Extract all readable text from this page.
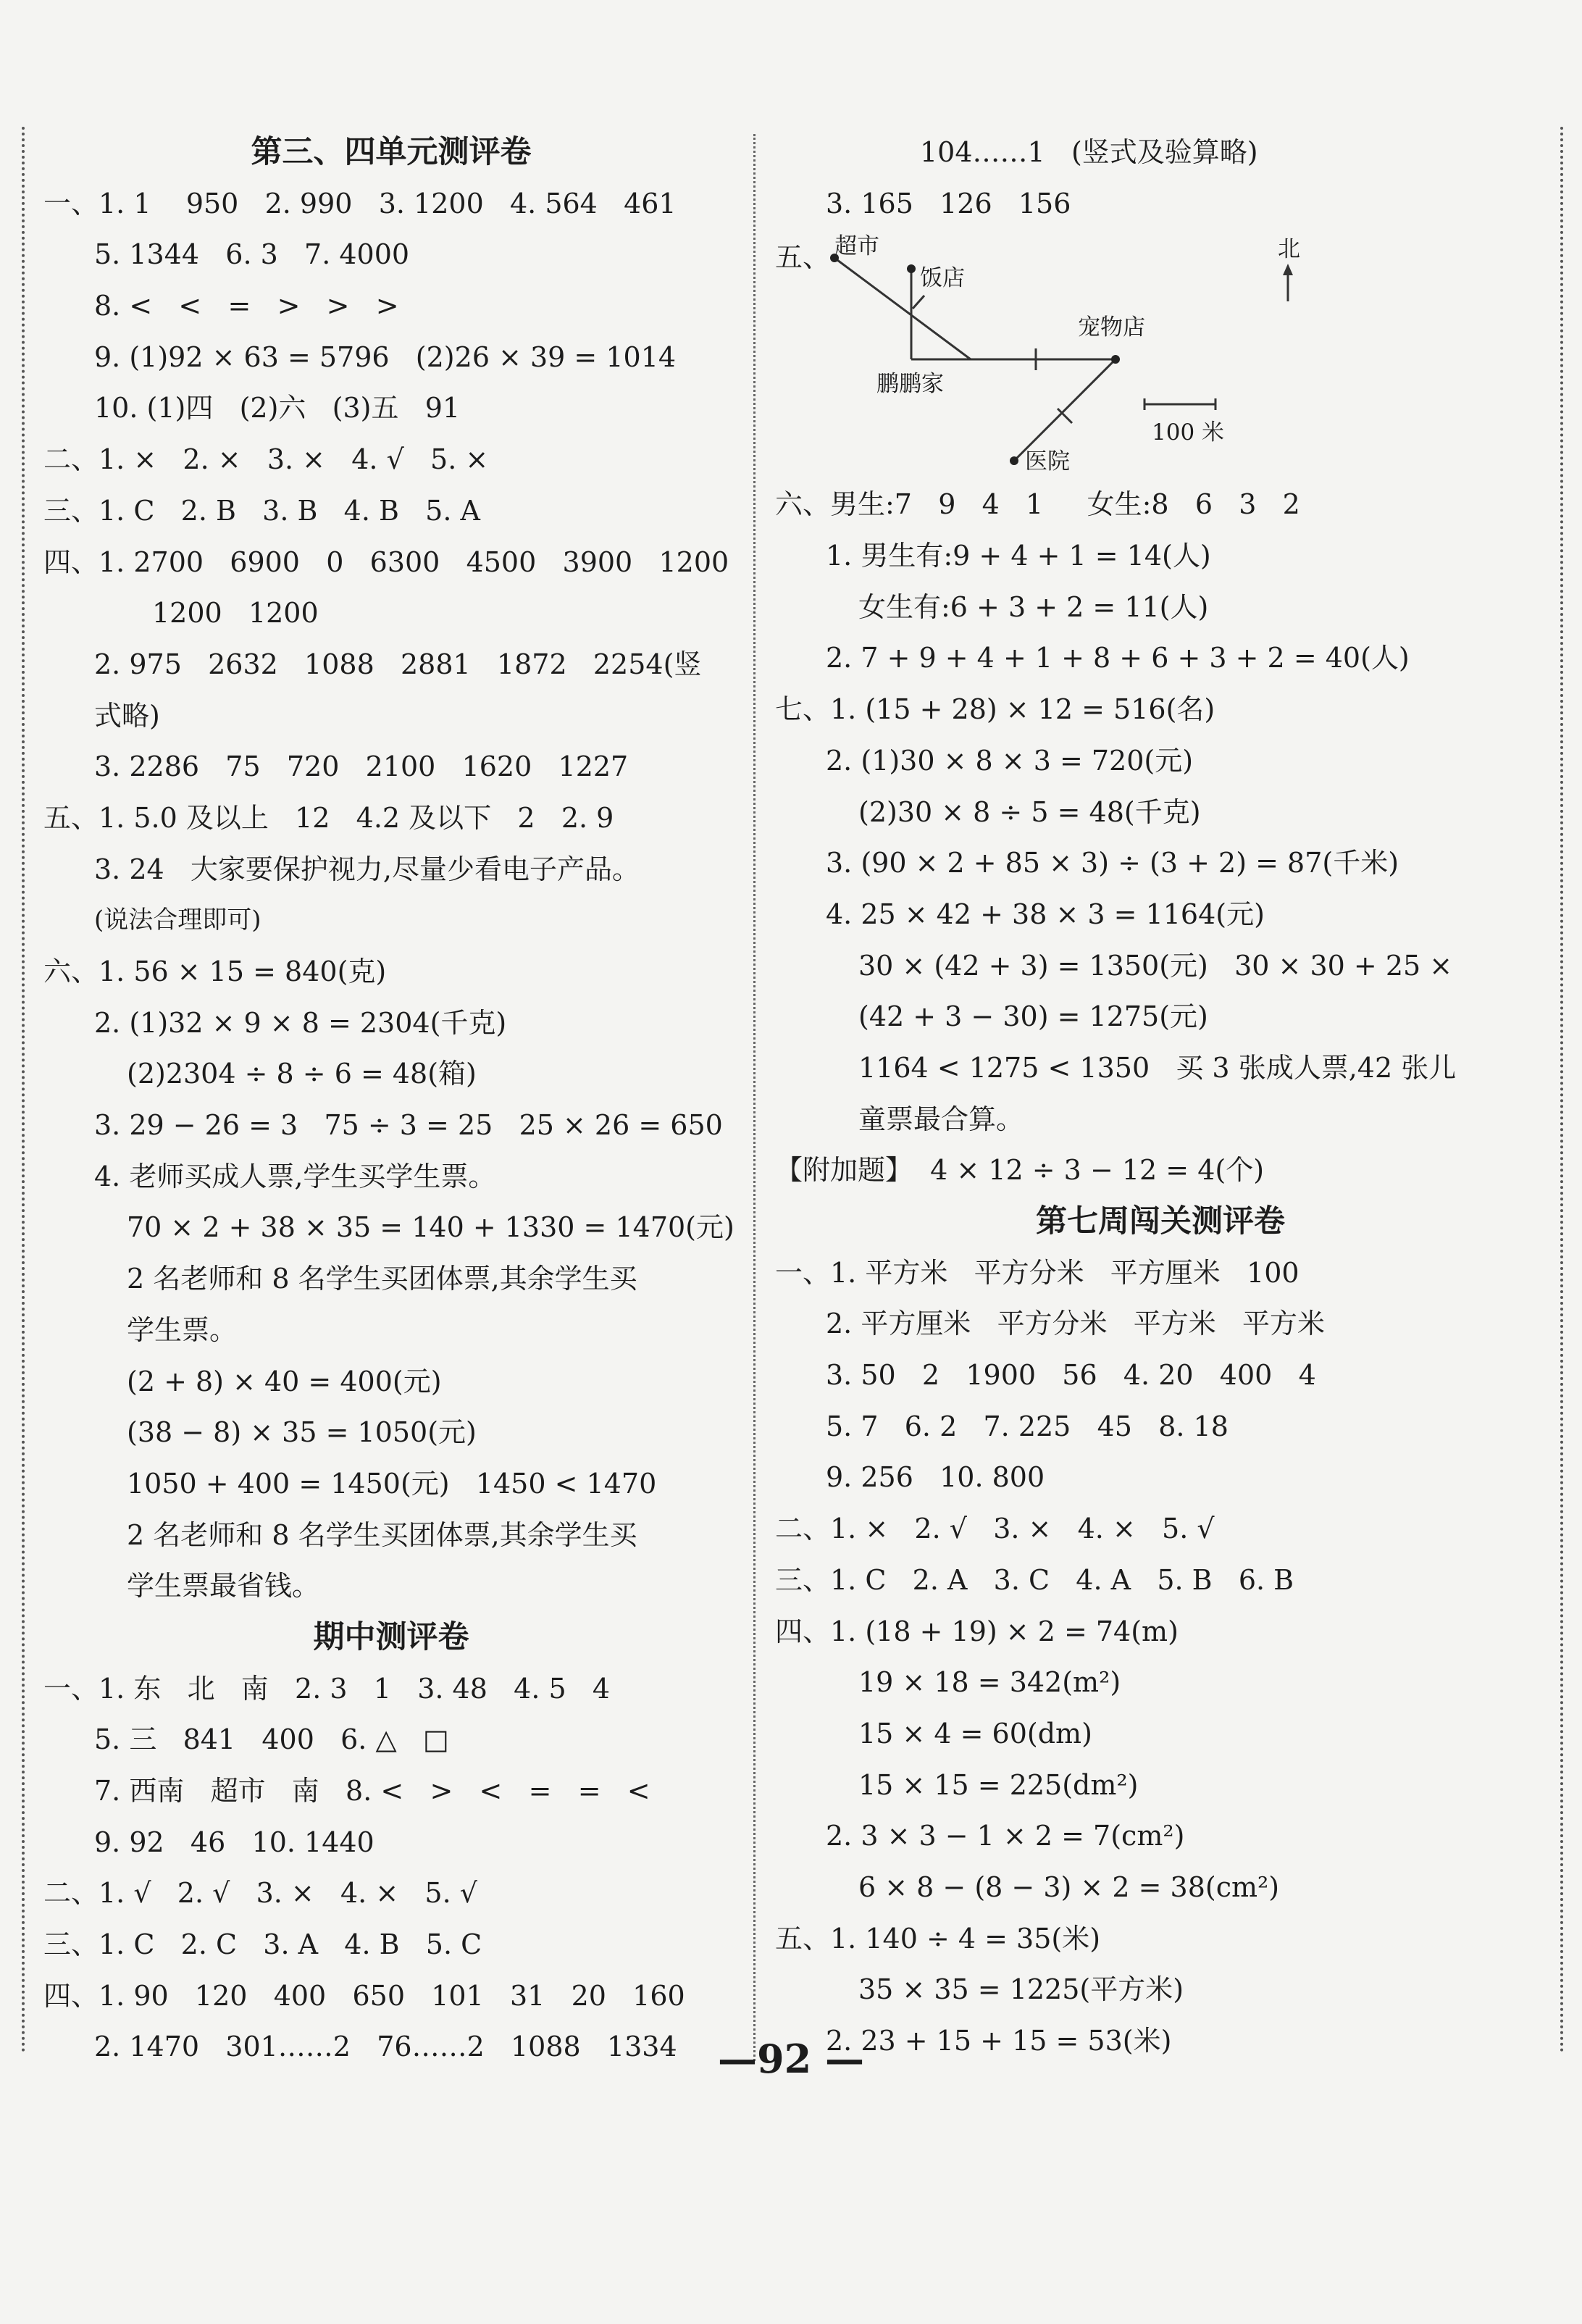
第三、四单元测评卷
一、1. 1    950   2. 990   3. 1200   4. 564   461
5. 1344   6. 3   7. 4000
8. <   <   =   >   >   >
9. (1)92 × 63 = 5796   (2)26 × 39 = 1014
10. (1)四   (2)六   (3)五   91
二、1. ×   2. ×   3. ×   4. √   5. ×
三、1. C   2. B   3. B   4. B   5. A
四、1. 2700   6900   0   6300   4500   3900   1200
1200   1200
2. 975   2632   1088   2881   1872   2254(竖
式略)
3. 2286   75   720   2100   1620   1227
五、1. 5.0 及以上   12   4.2 及以下   2   2. 9
3. 24   大家要保护视力,尽量少看电子产品。
(说法合理即可)
六、1. 56 × 15 = 840(克)
2. (1)32 × 9 × 8 = 2304(千克)
(2)2304 ÷ 8 ÷ 6 = 48(箱)
3. 29 − 26 = 3   75 ÷ 3 = 25   25 × 26 = 650
4. 老师买成人票,学生买学生票。
70 × 2 + 38 × 35 = 140 + 1330 = 1470(元)
2 名老师和 8 名学生买团体票,其余学生买
学生票。
(2 + 8) × 40 = 400(元)
(38 − 8) × 35 = 1050(元)
1050 + 400 = 1450(元)   1450 < 1470
2 名老师和 8 名学生买团体票,其余学生买
学生票最省钱。
期中测评卷
一、1. 东   北   南   2. 3   1   3. 48   4. 5   4
5. 三   841   400   6. △   □
7. 西南   超市   南   8. <   >   <   =   =   <
9. 92   46   10. 1440
二、1. √   2. √   3. ×   4. ×   5. √
三、1. C   2. C   3. A   4. B   5. C
四、1. 90   120   400   650   101   31   20   160
2. 1470   301……2   76……2   1088   1334
104……1   (竖式及验算略)
3. 165   126   156
五、 超市
饭店
宠物店
鹏鹏家
医院
北
100 米
六、男生:7   9   4   1     女生:8   6   3   2
1. 男生有:9 + 4 + 1 = 14(人)
女生有:6 + 3 + 2 = 11(人)
2. 7 + 9 + 4 + 1 + 8 + 6 + 3 + 2 = 40(人)
七、1. (15 + 28) × 12 = 516(名)
2. (1)30 × 8 × 3 = 720(元)
(2)30 × 8 ÷ 5 = 48(千克)
3. (90 × 2 + 85 × 3) ÷ (3 + 2) = 87(千米)
4. 25 × 42 + 38 × 3 = 1164(元)
30 × (42 + 3) = 1350(元)   30 × 30 + 25 ×
(42 + 3 − 30) = 1275(元)
1164 < 1275 < 1350   买 3 张成人票,42 张儿
童票最合算。
【附加题】  4 × 12 ÷ 3 − 12 = 4(个)
第七周闯关测评卷
一、1. 平方米   平方分米   平方厘米   100
2. 平方厘米   平方分米   平方米   平方米
3. 50   2   1900   56   4. 20   400   4
5. 7   6. 2   7. 225   45   8. 18
9. 256   10. 800
二、1. ×   2. √   3. ×   4. ×   5. √
三、1. C   2. A   3. C   4. A   5. B   6. B
四、1. (18 + 19) × 2 = 74(m)
19 × 18 = 342(m²)
15 × 4 = 60(dm)
15 × 15 = 225(dm²)
2. 3 × 3 − 1 × 2 = 7(cm²)
6 × 8 − (8 − 3) × 2 = 38(cm²)
五、1. 140 ÷ 4 = 35(米)
35 × 35 = 1225(平方米)
2. 23 + 15 + 15 = 53(米)
—92 —
